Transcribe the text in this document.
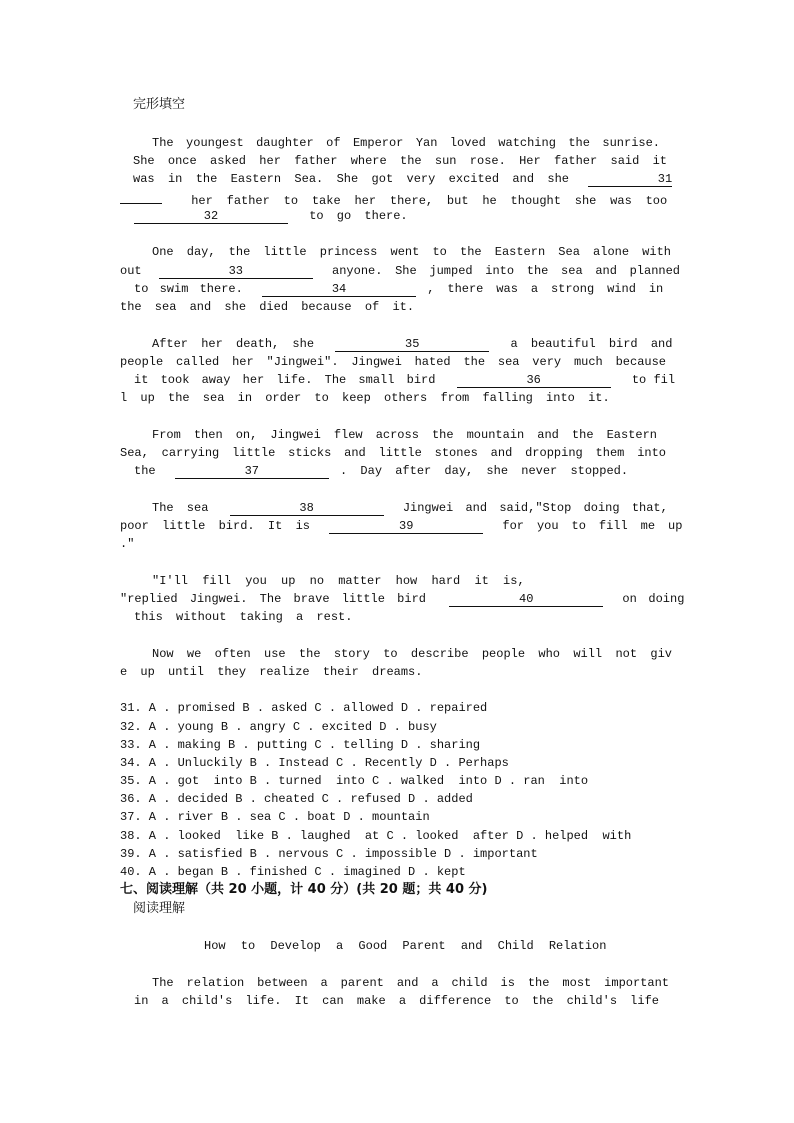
完形填空
The youngest daughter of Emperor Yan loved watching the sunrise.
She once asked her father where the sun rose. Her father said it
was in the Eastern Sea. She got very excited and she	31
her father to take her there, but he thought she was too
32	to go there.
One day, the little princess went to the Eastern Sea alone with
out	33	anyone. She jumped into the sea and planned
to swim there.	34	, there was a strong wind in
the sea and she died because of it.
After her death, she	35	a beautiful bird and
people called her "Jingwei". Jingwei hated the sea very much because
it took away her life. The small bird	36	to fil
l up the sea in order to keep others from falling into it.
From then on, Jingwei flew across the mountain and the Eastern
Sea, carrying little sticks and little stones and dropping them into
the	37	. Day after day, she never stopped.
The sea	38	Jingwei and said,"Stop doing that,
poor little bird. It is	39	for you to fill me up
."
"I'll fill you up no matter how hard it is,
"replied Jingwei. The brave little bird	40	on doing
this without taking a rest.
Now we often use the story to describe people who will not giv
e up until they realize their dreams.
31. A . promised B . asked C . allowed D . repaired
32. A . young B . angry C . excited D . busy
33. A . making B . putting C . telling D . sharing
34. A . Unluckily B . Instead C . Recently D . Perhaps
35. A . got  into B . turned  into C . walked  into D . ran  into
36. A . decided B . cheated C . refused D . added
37. A . river B . sea C . boat D . mountain
38. A . looked  like B . laughed  at C . looked  after D . helped  with
39. A . satisfied B . nervous C . impossible D . important
40. A . began B . finished C . imagined D . kept
七、阅读理解（共 20 小题，计 40 分）(共 20 题；共 40 分)
阅读理解
How to Develop a Good Parent and Child Relation
The relation between a parent and a child is the most important
in a child's life. It can make a difference to the child's life
